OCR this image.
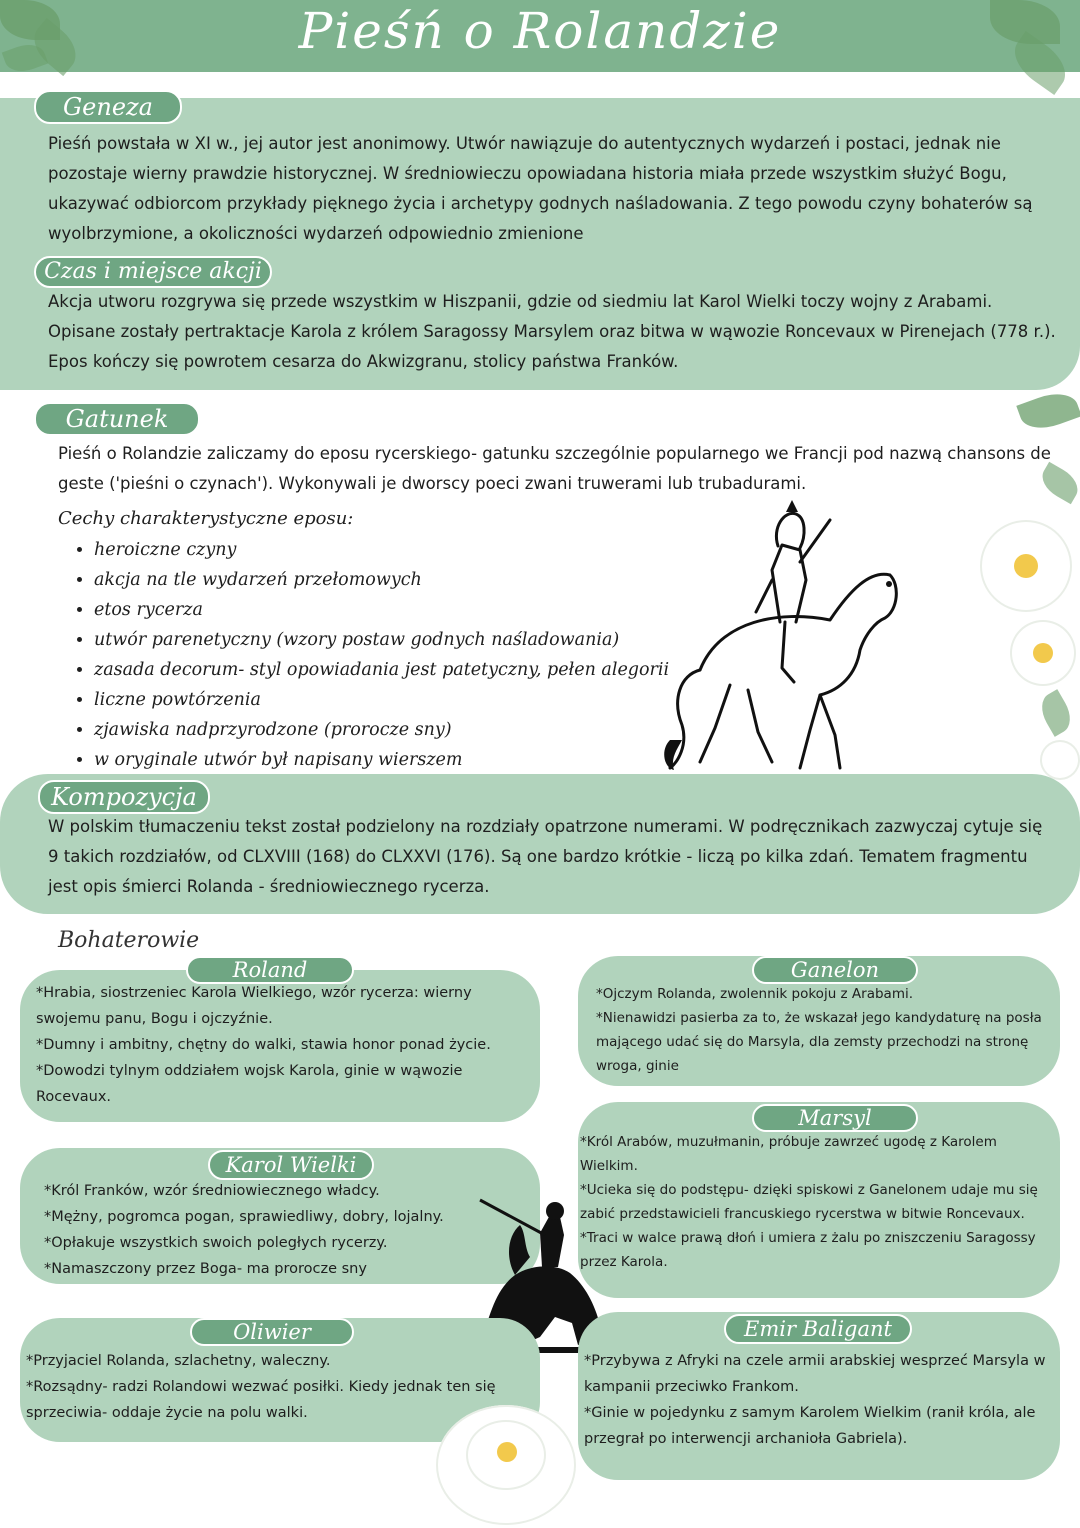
Pieśń o Rolandzie
Geneza
Pieśń powstała w XI w., jej autor jest anonimowy. Utwór nawiązuje do autentycznych wydarzeń i postaci, jednak nie pozostaje wierny prawdzie historycznej. W średniowieczu opowiadana historia miała przede wszystkim służyć Bogu, ukazywać odbiorcom przykłady pięknego życia i archetypy godnych naśladowania. Z tego powodu czyny bohaterów są wyolbrzymione, a okoliczności wydarzeń odpowiednio zmienione
Czas i miejsce akcji
Akcja utworu rozgrywa się przede wszystkim w Hiszpanii, gdzie od siedmiu lat Karol Wielki toczy wojny z Arabami. Opisane zostały pertraktacje Karola z królem Saragossy Marsylem oraz bitwa w wąwozie Roncevaux w Pirenejach (778 r.). Epos kończy się powrotem cesarza do Akwizgranu, stolicy państwa Franków.
Gatunek
Pieśń o Rolandzie zaliczamy do eposu rycerskiego- gatunku szczególnie popularnego we Francji pod nazwą chansons de geste ('pieśni o czynach'). Wykonywali je dworscy poeci zwani truwerami lub trubadurami.
Cechy charakterystyczne eposu:
• heroiczne czyny
• akcja na tle wydarzeń przełomowych
• etos rycerza
• utwór parenetyczny (wzory postaw godnych naśladowania)
• zasada decorum- styl opowiadania jest patetyczny, pełen alegorii
• liczne powtórzenia
• zjawiska nadprzyrodzone (prorocze sny)
• w oryginale utwór był napisany wierszem
Kompozycja
W polskim tłumaczeniu tekst został podzielony na rozdziały opatrzone numerami. W podręcznikach zazwyczaj cytuje się 9 takich rozdziałów, od CLXVIII (168) do CLXXVI (176). Są one bardzo krótkie - liczą po kilka zdań. Tematem fragmentu jest opis śmierci Rolanda - średniowiecznego rycerza.
Bohaterowie
Roland

*Hrabia, siostrzeniec Karola Wielkiego, wzór rycerza: wierny swojemu panu, Bogu i ojczyźnie.

*Dumny i ambitny, chętny do walki, stawia honor ponad życie.

*Dowodzi tylnym oddziałem wojsk Karola, ginie w wąwozie Rocevaux.

Ganelon

*Ojczym Rolanda, zwolennik pokoju z Arabami.

*Nienawidzi pasierba za to, że wskazał jego kandydaturę na posła mającego udać się do Marsyla, dla zemsty przechodzi na stronę wroga, ginie

Marsyl

*Król Arabów, muzułmanin, próbuje zawrzeć ugodę z Karolem Wielkim.

*Ucieka się do podstępu- dzięki spiskowi z Ganelonem udaje mu się zabić przedstawicieli francuskiego rycerstwa w bitwie Roncevaux.

*Traci w walce prawą dłoń i umiera z żalu po zniszczeniu Saragossy przez Karola.

Karol Wielki

*Król Franków, wzór średniowiecznego władcy.

*Mężny, pogromca pogan, sprawiedliwy, dobry, lojalny.

*Opłakuje wszystkich swoich poległych rycerzy.

*Namaszczony przez Boga- ma prorocze sny

Oliwier

*Przyjaciel Rolanda, szlachetny, waleczny.

*Rozsądny- radzi Rolandowi wezwać posiłki. Kiedy jednak ten się sprzeciwia- oddaje życie na polu walki.

Emir Baligant

*Przybywa z Afryki na czele armii arabskiej wesprzeć Marsyla w kampanii przeciwko Frankom.

*Ginie w pojedynku z samym Karolem Wielkim (ranił króla, ale przegrał po interwencji archanioła Gabriela).
